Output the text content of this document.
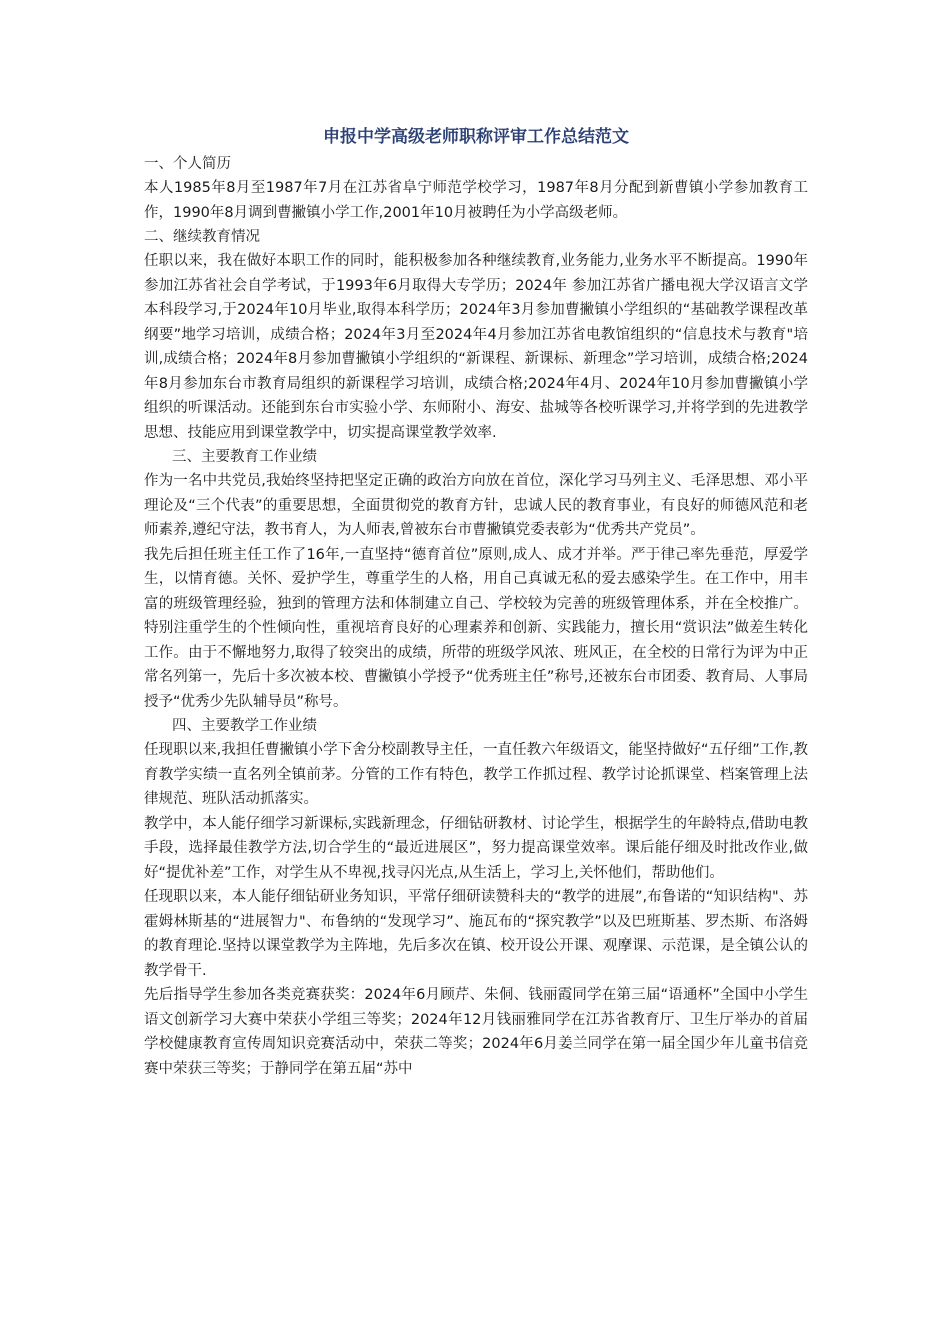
申报中学高级老师职称评审工作总结范文

一、个人简历

本人1985年8月至1987年7月在江苏省阜宁师范学校学习，1987年8月分配到新曹镇小学参加教育工作，1990年8月调到曹撇镇小学工作,2001年10月被聘任为小学高级老师。

二、继续教育情况

任职以来，我在做好本职工作的同时，能积极参加各种继续教育,业务能力,业务水平不断提高。1990年参加江苏省社会自学考试，于1993年6月取得大专学历；2024年 参加江苏省广播电视大学汉语言文学本科段学习,于2024年10月毕业,取得本科学历；2024年3月参加曹撇镇小学组织的“基础教学课程改革纲要”地学习培训，成绩合格；2024年3月至2024年4月参加江苏省电教馆组织的“信息技术与教育"培训,成绩合格；2024年8月参加曹撇镇小学组织的“新课程、新课标、新理念”学习培训，成绩合格;2024年8月参加东台市教育局组织的新课程学习培训，成绩合格;2024年4月、2024年10月参加曹撇镇小学组织的听课活动。还能到东台市实验小学、东师附小、海安、盐城等各校听课学习,并将学到的先进教学思想、技能应用到课堂教学中，切实提高课堂教学效率.

三、主要教育工作业绩

作为一名中共党员,我始终坚持把坚定正确的政治方向放在首位，深化学习马列主义、毛泽思想、邓小平理论及“三个代表”的重要思想，全面贯彻党的教育方针，忠诚人民的教育事业，有良好的师德风范和老师素养,遵纪守法，教书育人，为人师表,曾被东台市曹撇镇党委表彰为“优秀共产党员”。

我先后担任班主任工作了16年,一直坚持“德育首位”原则,成人、成才并举。严于律己率先垂范，厚爱学生，以情育德。关怀、爱护学生，尊重学生的人格，用自己真诚无私的爱去感染学生。在工作中，用丰富的班级管理经验，独到的管理方法和体制建立自己、学校较为完善的班级管理体系，并在全校推广。特别注重学生的个性倾向性，重视培育良好的心理素养和创新、实践能力，擅长用“赏识法”做差生转化工作。由于不懈地努力,取得了较突出的成绩，所带的班级学风浓、班风正，在全校的日常行为评为中正常名列第一，先后十多次被本校、曹撇镇小学授予“优秀班主任”称号,还被东台市团委、教育局、人事局授予“优秀少先队辅导员”称号。

四、主要教学工作业绩

任现职以来,我担任曹撇镇小学下舍分校副教导主任，一直任教六年级语文，能坚持做好“五仔细”工作,教育教学实绩一直名列全镇前茅。分管的工作有特色，教学工作抓过程、教学讨论抓课堂、档案管理上法律规范、班队活动抓落实。

教学中，本人能仔细学习新课标,实践新理念，仔细钻研教材、讨论学生，根据学生的年龄特点,借助电教手段，选择最佳教学方法,切合学生的“最近进展区”，努力提高课堂效率。课后能仔细及时批改作业,做好“提优补差”工作，对学生从不卑视,找寻闪光点,从生活上，学习上,关怀他们，帮助他们。

任现职以来，本人能仔细钻研业务知识，平常仔细研读赞科夫的“教学的进展”,布鲁诺的“知识结构"、苏霍姆林斯基的“进展智力"、布鲁纳的“发现学习”、施瓦布的“探究教学”以及巴班斯基、罗杰斯、布洛姆的教育理论.坚持以课堂教学为主阵地，先后多次在镇、校开设公开课、观摩课、示范课，是全镇公认的教学骨干.

先后指导学生参加各类竞赛获奖：2024年6月顾芹、朱侗、钱丽霞同学在第三届“语通杯”全国中小学生语文创新学习大赛中荣获小学组三等奖；2024年12月钱丽雅同学在江苏省教育厅、卫生厅举办的首届学校健康教育宣传周知识竞赛活动中，荣获二等奖；2024年6月姜兰同学在第一届全国少年儿童书信竞赛中荣获三等奖；于静同学在第五届“苏中
